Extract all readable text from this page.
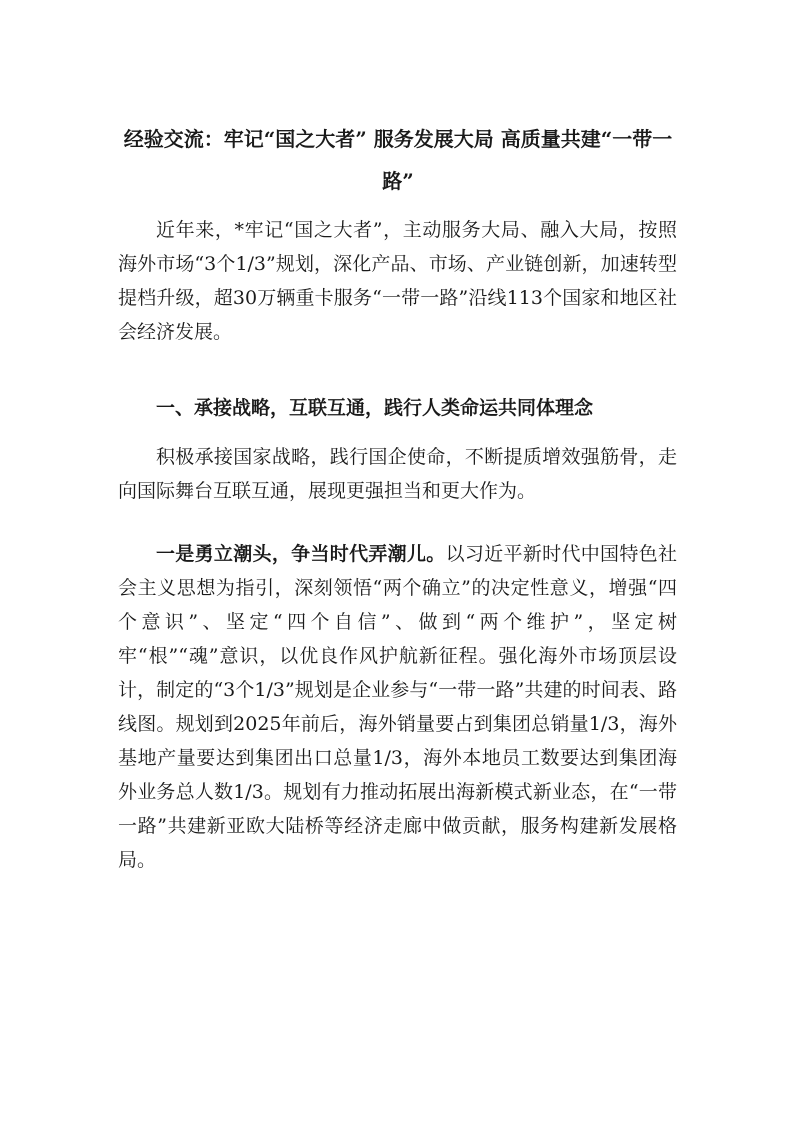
经验交流：牢记“国之大者” 服务发展大局 高质量共建“一带一路”

近年来，*牢记“国之大者”，主动服务大局、融入大局，按照海外市场“3个1/3”规划，深化产品、市场、产业链创新，加速转型提档升级，超30万辆重卡服务“一带一路”沿线113个国家和地区社会经济发展。

一、承接战略，互联互通，践行人类命运共同体理念

积极承接国家战略，践行国企使命，不断提质增效强筋骨，走向国际舞台互联互通，展现更强担当和更大作为。

一是勇立潮头，争当时代弄潮儿。以习近平新时代中国特色社会主义思想为指引，深刻领悟“两个确立”的决定性意义，增强“四个意识”、坚定“四个自信”、做到“两个维护”，坚定树牢“根”“魂”意识，以优良作风护航新征程。强化海外市场顶层设计，制定的“3个1/3”规划是企业参与“一带一路”共建的时间表、路线图。规划到2025年前后，海外销量要占到集团总销量1/3，海外基地产量要达到集团出口总量1/3，海外本地员工数要达到集团海外业务总人数1/3。规划有力推动拓展出海新模式新业态，在“一带一路”共建新亚欧大陆桥等经济走廊中做贡献，服务构建新发展格局。
